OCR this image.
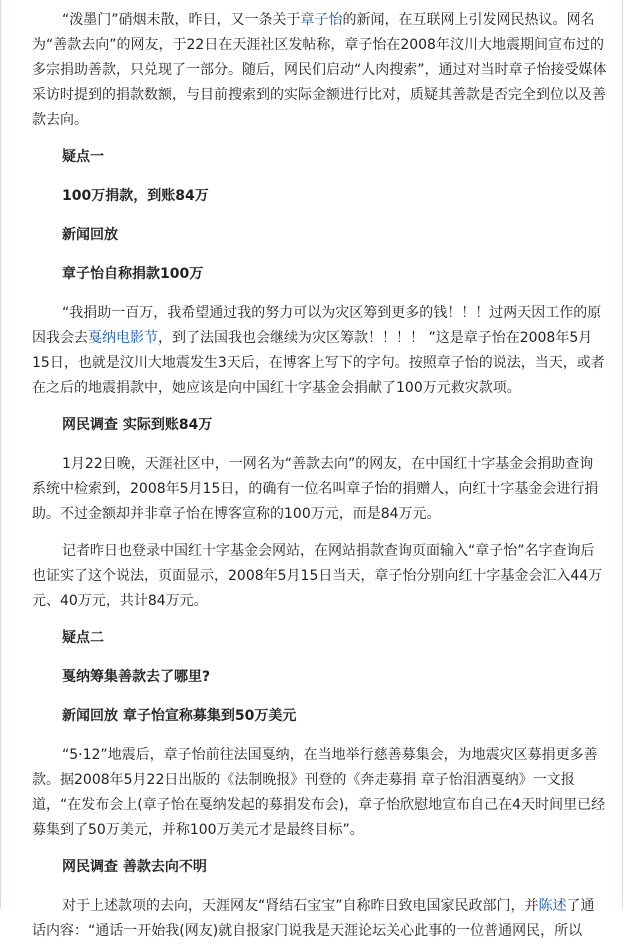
“泼墨门”硝烟未散，昨日，又一条关于章子怡的新闻，在互联网上引发网民热议。网名为“善款去向”的网友，于22日在天涯社区发帖称，章子怡在2008年汶川大地震期间宣布过的多宗捐助善款，只兑现了一部分。随后，网民们启动“人肉搜索”，通过对当时章子怡接受媒体采访时提到的捐款数额，与目前搜索到的实际金额进行比对，质疑其善款是否完全到位以及善款去向。

疑点一

100万捐款，到账84万

新闻回放

章子怡自称捐款100万

“我捐助一百万，我希望通过我的努力可以为灾区筹到更多的钱！！！过两天因工作的原因我会去戛纳电影节，到了法国我也会继续为灾区筹款！！！！ ”这是章子怡在2008年5月15日，也就是汶川大地震发生3天后，在博客上写下的字句。按照章子怡的说法，当天，或者在之后的地震捐款中，她应该是向中国红十字基金会捐献了100万元救灾款项。

网民调查 实际到账84万

1月22日晚，天涯社区中，一网名为“善款去向”的网友，在中国红十字基金会捐助查询系统中检索到，2008年5月15日，的确有一位名叫章子怡的捐赠人，向红十字基金会进行捐助。不过金额却并非章子怡在博客宣称的100万元，而是84万元。

记者昨日也登录中国红十字基金会网站，在网站捐款查询页面输入“章子怡”名字查询后也证实了这个说法，页面显示，2008年5月15日当天，章子怡分别向红十字基金会汇入44万元、40万元，共计84万元。

疑点二

戛纳筹集善款去了哪里?

新闻回放 章子怡宣称募集到50万美元

“5·12”地震后，章子怡前往法国戛纳，在当地举行慈善募集会，为地震灾区募捐更多善款。据2008年5月22日出版的《法制晚报》刊登的《奔走募捐 章子怡泪洒戛纳》一文报道，“在发布会上(章子怡在戛纳发起的募捐发布会)，章子怡欣慰地宣布自己在4天时间里已经募集到了50万美元，并称100万美元才是最终目标”。

网民调查 善款去向不明

对于上述款项的去向，天涯网友“肾结石宝宝”自称昨日致电国家民政部门，并陈述了通话内容：“通话一开始我(网友)就自报家门说我是天涯论坛关心此事的一位普通网民，所以
